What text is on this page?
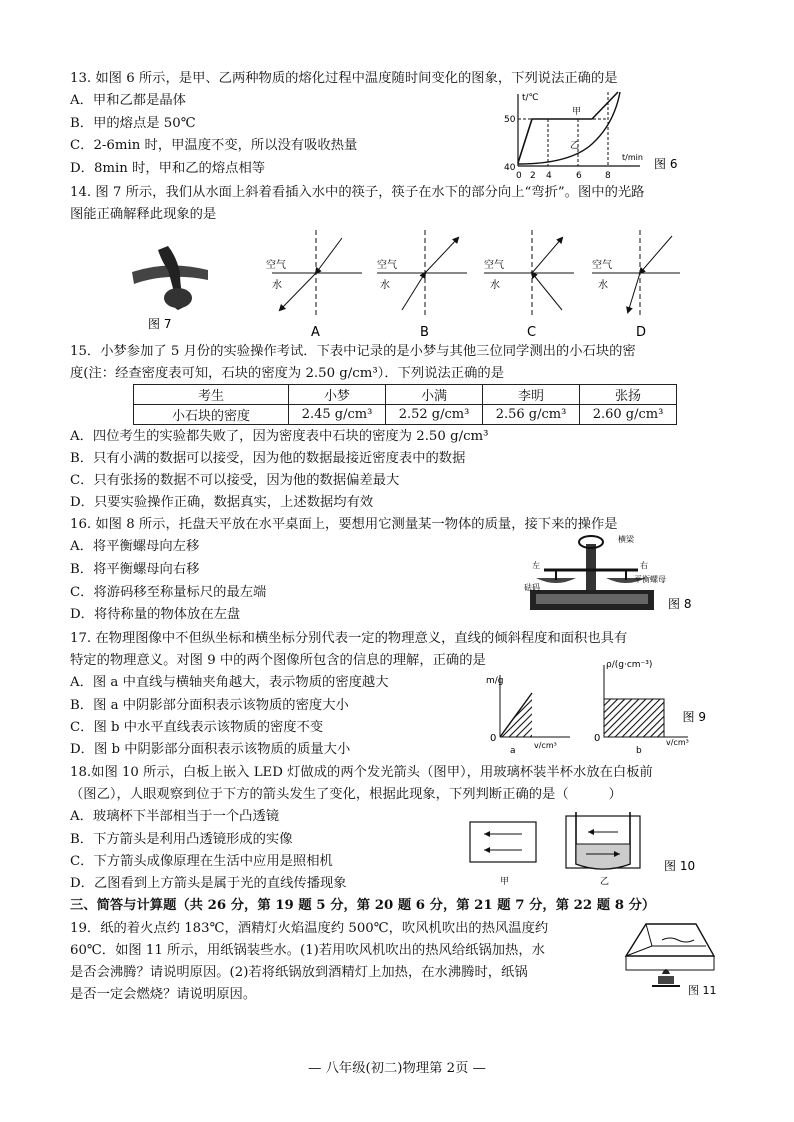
13. 如图 6 所示，是甲、乙两种物质的熔化过程中温度随时间变化的图象，下列说法正确的是
A．甲和乙都是晶体
B．甲的熔点是 50℃
C．2-6min 时，甲温度不变，所以没有吸收热量
D．8min 时，甲和乙的熔点相等
t/℃
甲
乙
t/min
50
40
0 2 4	6	8
图 6
14. 图 7 所示，我们从水面上斜着看插入水中的筷子，筷子在水下的部分向上“弯折”。图中的光路
图能正确解释此现象的是
图 7
空气
水
A
空气
水
B
空气
水
C
空气
水
D
15．小梦参加了 5 月份的实验操作考试．下表中记录的是小梦与其他三位同学测出的小石块的密
度(注：经查密度表可知，石块的密度为 2.50 g/cm³）．下列说法正确的是
考生	小梦	小满	李明	张扬
小石块的密度	2.45 g/cm³	2.52 g/cm³	2.56 g/cm³	2.60 g/cm³
A．四位考生的实验都失败了，因为密度表中石块的密度为 2.50 g/cm³
B．只有小满的数据可以接受，因为他的数据最接近密度表中的数据
C．只有张扬的数据不可以接受，因为他的数据偏差最大
D．只要实验操作正确，数据真实，上述数据均有效
16. 如图 8 所示，托盘天平放在水平桌面上，要想用它测量某一物体的质量，接下来的操作是
A．将平衡螺母向左移
B．将平衡螺母向右移
C．将游码移至称量标尺的最左端
D．将待称量的物体放在左盘
横梁
左	右
砝码
平衡螺母
图 8
17. 在物理图像中不但纵坐标和横坐标分别代表一定的物理意义，直线的倾斜程度和面积也具有
特定的物理意义。对图 9 中的两个图像所包含的信息的理解，正确的是
A．图 a 中直线与横轴夹角越大，表示物质的密度越大
B．图 a 中阴影部分面积表示该物质的密度大小
C．图 b 中水平直线表示该物质的密度不变
D．图 b 中阴影部分面积表示该物质的质量大小
m/g
v/cm³
0
a
ρ/(g·cm⁻³)
v/cm³
0
b
图 9
18.如图 10 所示，白板上嵌入 LED 灯做成的两个发光箭头（图甲），用玻璃杯装半杯水放在白板前
（图乙），人眼观察到位于下方的箭头发生了变化，根据此现象，下列判断正确的是（　　　）
A．玻璃杯下半部相当于一个凸透镜
B．下方箭头是利用凸透镜形成的实像
C．下方箭头成像原理在生活中应用是照相机
D．乙图看到上方箭头是属于光的直线传播现象	甲	乙
图 10
三、简答与计算题（共 26 分，第 19 题 5 分，第 20 题 6 分，第 21 题 7 分，第 22 题 8 分）
19．纸的着火点约 183℃，酒精灯火焰温度约 500℃，吹风机吹出的热风温度约
60℃．如图 11 所示，用纸锅装些水。(1)若用吹风机吹出的热风给纸锅加热，水
是否会沸腾？请说明原因。(2)若将纸锅放到酒精灯上加热，在水沸腾时，纸锅
是否一定会燃烧？请说明原因。	图 11
— 八年级(初二)物理第 2页 —
